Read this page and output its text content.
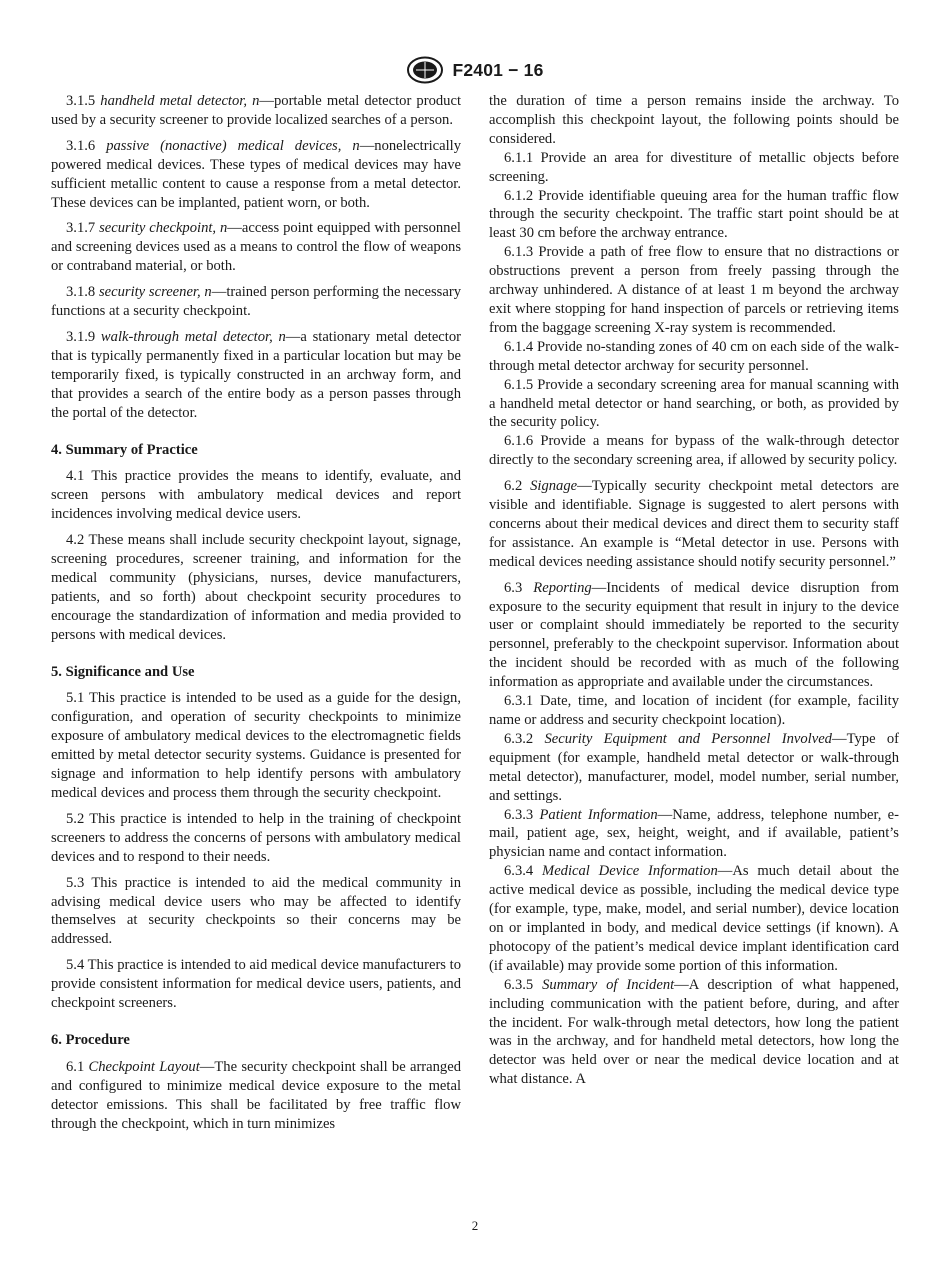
F2401 − 16

3.1.5 handheld metal detector, n—portable metal detector product used by a security screener to provide localized searches of a person.

3.1.6 passive (nonactive) medical devices, n—nonelectrically powered medical devices. These types of medical devices may have sufficient metallic content to cause a response from a metal detector. These devices can be implanted, patient worn, or both.

3.1.7 security checkpoint, n—access point equipped with personnel and screening devices used as a means to control the flow of weapons or contraband material, or both.

3.1.8 security screener, n—trained person performing the necessary functions at a security checkpoint.

3.1.9 walk-through metal detector, n—a stationary metal detector that is typically permanently fixed in a particular location but may be temporarily fixed, is typically constructed in an archway form, and that provides a search of the entire body as a person passes through the portal of the detector.

4. Summary of Practice

4.1 This practice provides the means to identify, evaluate, and screen persons with ambulatory medical devices and report incidences involving medical device users.

4.2 These means shall include security checkpoint layout, signage, screening procedures, screener training, and information for the medical community (physicians, nurses, device manufacturers, patients, and so forth) about checkpoint security procedures to encourage the standardization of information and media provided to persons with medical devices.

5. Significance and Use

5.1 This practice is intended to be used as a guide for the design, configuration, and operation of security checkpoints to minimize exposure of ambulatory medical devices to the electromagnetic fields emitted by metal detector security systems. Guidance is presented for signage and information to help identify persons with ambulatory medical devices and process them through the security checkpoint.

5.2 This practice is intended to help in the training of checkpoint screeners to address the concerns of persons with ambulatory medical devices and to respond to their needs.

5.3 This practice is intended to aid the medical community in advising medical device users who may be affected to identify themselves at security checkpoints so their concerns may be addressed.

5.4 This practice is intended to aid medical device manufacturers to provide consistent information for medical device users, patients, and checkpoint screeners.

6. Procedure

6.1 Checkpoint Layout—The security checkpoint shall be arranged and configured to minimize medical device exposure to the metal detector emissions. This shall be facilitated by free traffic flow through the checkpoint, which in turn minimizes

the duration of time a person remains inside the archway. To accomplish this checkpoint layout, the following points should be considered.

6.1.1 Provide an area for divestiture of metallic objects before screening.

6.1.2 Provide identifiable queuing area for the human traffic flow through the security checkpoint. The traffic start point should be at least 30 cm before the archway entrance.

6.1.3 Provide a path of free flow to ensure that no distractions or obstructions prevent a person from freely passing through the archway unhindered. A distance of at least 1 m beyond the archway exit where stopping for hand inspection of parcels or retrieving items from the baggage screening X-ray system is recommended.

6.1.4 Provide no-standing zones of 40 cm on each side of the walk-through metal detector archway for security personnel.

6.1.5 Provide a secondary screening area for manual scanning with a handheld metal detector or hand searching, or both, as provided by the security policy.

6.1.6 Provide a means for bypass of the walk-through detector directly to the secondary screening area, if allowed by security policy.

6.2 Signage—Typically security checkpoint metal detectors are visible and identifiable. Signage is suggested to alert persons with concerns about their medical devices and direct them to security staff for assistance. An example is “Metal detector in use. Persons with medical devices needing assistance should notify security personnel.”

6.3 Reporting—Incidents of medical device disruption from exposure to the security equipment that result in injury to the device user or complaint should immediately be reported to the security personnel, preferably to the checkpoint supervisor. Information about the incident should be recorded with as much of the following information as appropriate and available under the circumstances.

6.3.1 Date, time, and location of incident (for example, facility name or address and security checkpoint location).

6.3.2 Security Equipment and Personnel Involved—Type of equipment (for example, handheld metal detector or walk-through metal detector), manufacturer, model, model number, serial number, and settings.

6.3.3 Patient Information—Name, address, telephone number, e-mail, patient age, sex, height, weight, and if available, patient’s physician name and contact information.

6.3.4 Medical Device Information—As much detail about the active medical device as possible, including the medical device type (for example, type, make, model, and serial number), device location on or implanted in body, and medical device settings (if known). A photocopy of the patient’s medical device implant identification card (if available) may provide some portion of this information.

6.3.5 Summary of Incident—A description of what happened, including communication with the patient before, during, and after the incident. For walk-through metal detectors, how long the patient was in the archway, and for handheld metal detectors, how long the detector was held over or near the medical device location and at what distance. A

2
